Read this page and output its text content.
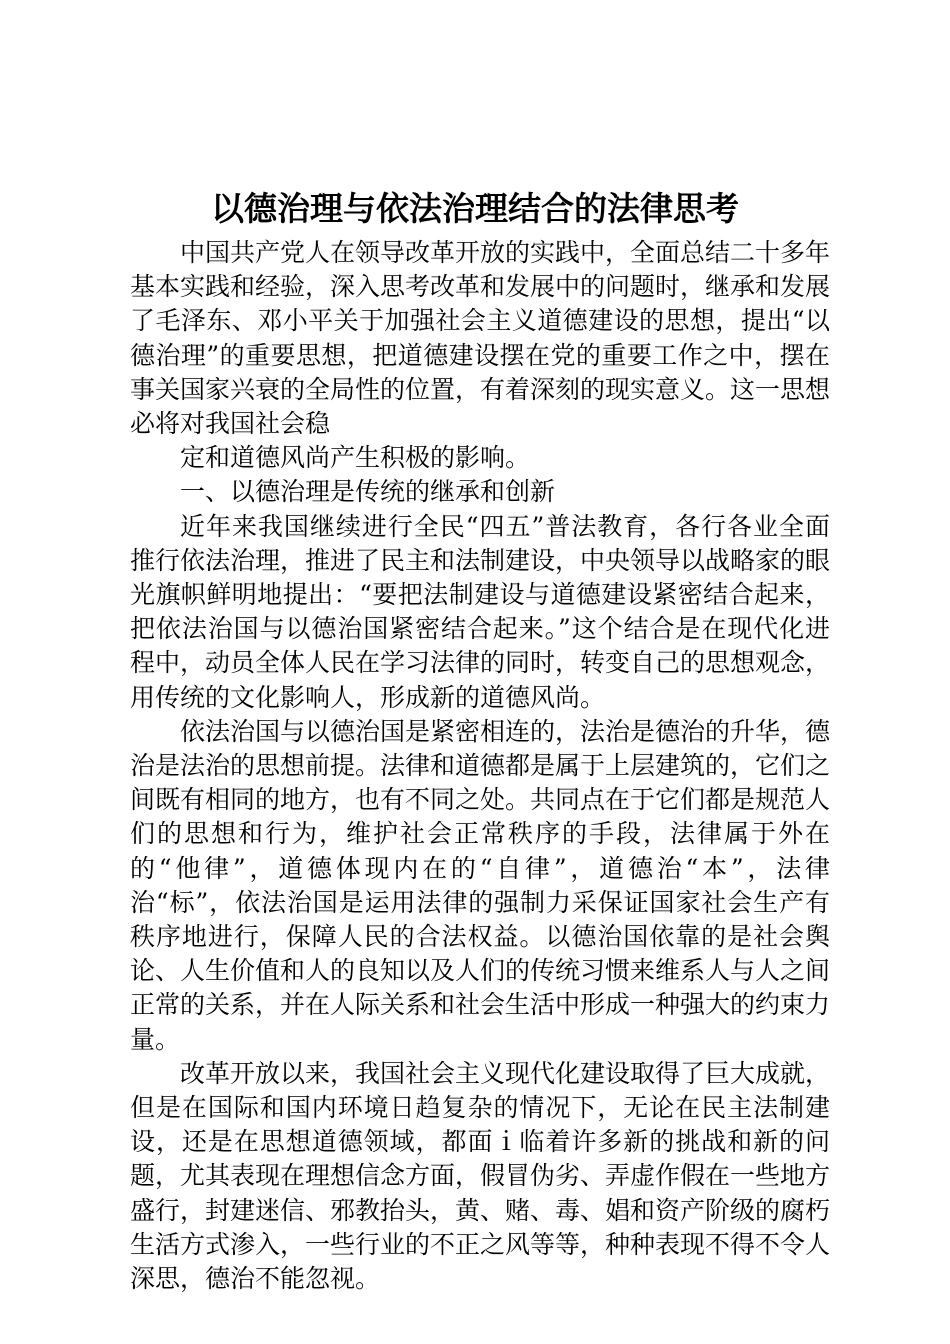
以德治理与依法治理结合的法律思考

中国共产党人在领导改革开放的实践中，全面总结二十多年基本实践和经验，深入思考改革和发展中的问题时，继承和发展了毛泽东、邓小平关于加强社会主义道德建设的思想，提出“以德治理”的重要思想，把道德建设摆在党的重要工作之中，摆在事关国家兴衰的全局性的位置，有着深刻的现实意义。这一思想必将对我国社会稳

定和道德风尚产生积极的影响。

一、以德治理是传统的继承和创新

近年来我国继续进行全民“四五”普法教育，各行各业全面推行依法治理，推进了民主和法制建设，中央领导以战略家的眼光旗帜鲜明地提出：“要把法制建设与道德建设紧密结合起来，把依法治国与以德治国紧密结合起来。”这个结合是在现代化进程中，动员全体人民在学习法律的同时，转变自己的思想观念，用传统的文化影响人，形成新的道德风尚。

依法治国与以德治国是紧密相连的，法治是德治的升华，德治是法治的思想前提。法律和道德都是属于上层建筑的，它们之间既有相同的地方，也有不同之处。共同点在于它们都是规范人们的思想和行为，维护社会正常秩序的手段，法律属于外在的“他律”，道德体现内在的“自律”，道德治“本”，法律治“标”，依法治国是运用法律的强制力采保证国家社会生产有秩序地进行，保障人民的合法权益。以德治国依靠的是社会舆论、人生价值和人的良知以及人们的传统习惯来维系人与人之间正常的关系，并在人际关系和社会生活中形成一种强大的约束力量。

改革开放以来，我国社会主义现代化建设取得了巨大成就，但是在国际和国内环境日趋复杂的情况下，无论在民主法制建设，还是在思想道德领域，都面ｉ临着许多新的挑战和新的问题，尤其表现在理想信念方面，假冒伪劣、弄虚作假在一些地方盛行，封建迷信、邪教抬头，黄、赌、毒、娼和资产阶级的腐朽生活方式渗入，一些行业的不正之风等等，种种表现不得不令人深思，德治不能忽视。
